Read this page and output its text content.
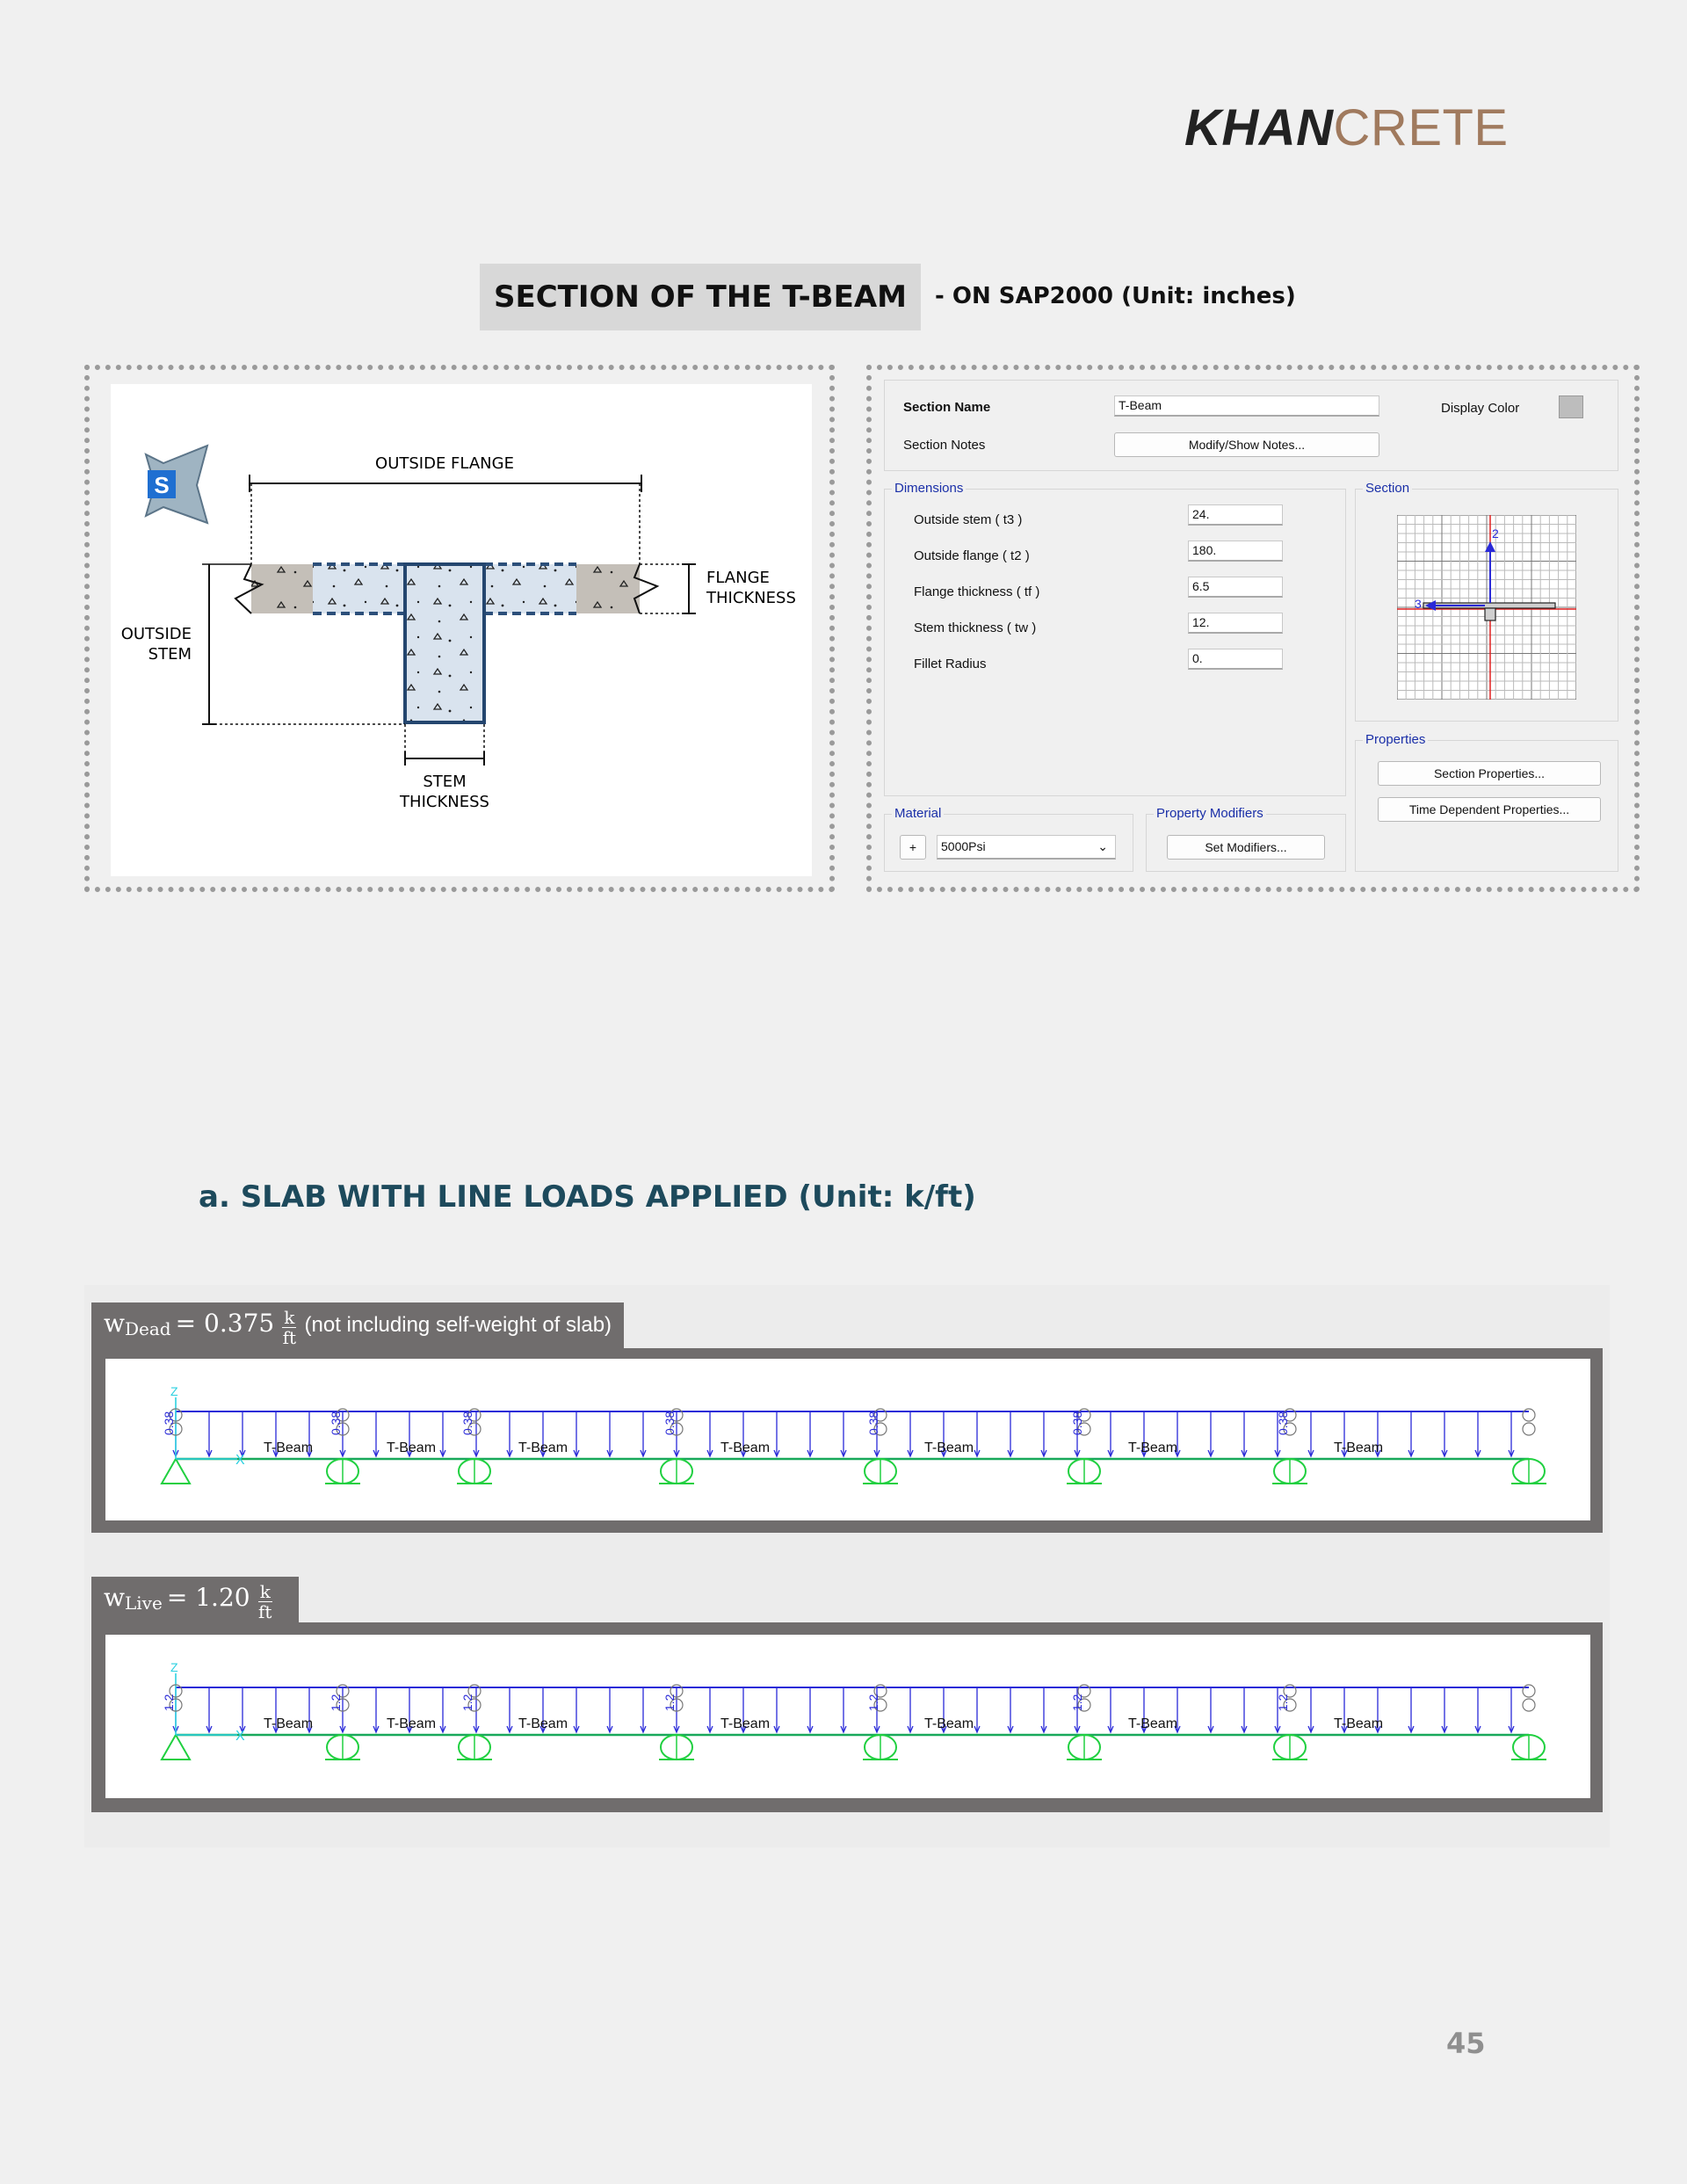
KHANCRETE
SECTION OF THE T-BEAM	- ON SAP2000 (Unit: inches)
S
OUTSIDE FLANGE
FLANGE
THICKNESS
OUTSIDE
STEM
STEM
THICKNESS
Section Name	T-Beam	Display Color
Section Notes	Modify/Show Notes...
Dimensions
Outside stem ( t3 )	24.
Outside flange ( t2 )	180.
Flange thickness ( tf )	6.5
Stem thickness ( tw )	12.
Fillet Radius	0.
Section
2
3
Properties
Section Properties...
Time Dependent Properties...
Material
+	5000Psi	⌄
Property Modifiers
Set Modifiers...
a. SLAB WITH LINE LOADS APPLIED (Unit: k/ft)
$w_{Dead} = 0.375 \frac{k}{ft} (not$ including self-weight of slab)
Z
X
0.38
T-Beam
0.38
T-Beam
0.38
T-Beam
0.38
T-Beam
0.38
T-Beam
0.38
T-Beam
0.38
T-Beam
$w_{Live} = 1.20 \frac{k}{ft}$
Z
X
1.2
T-Beam
1.2
T-Beam
1.2
T-Beam
1.2
T-Beam
1.2
T-Beam
1.2
T-Beam
1.2
T-Beam
45
